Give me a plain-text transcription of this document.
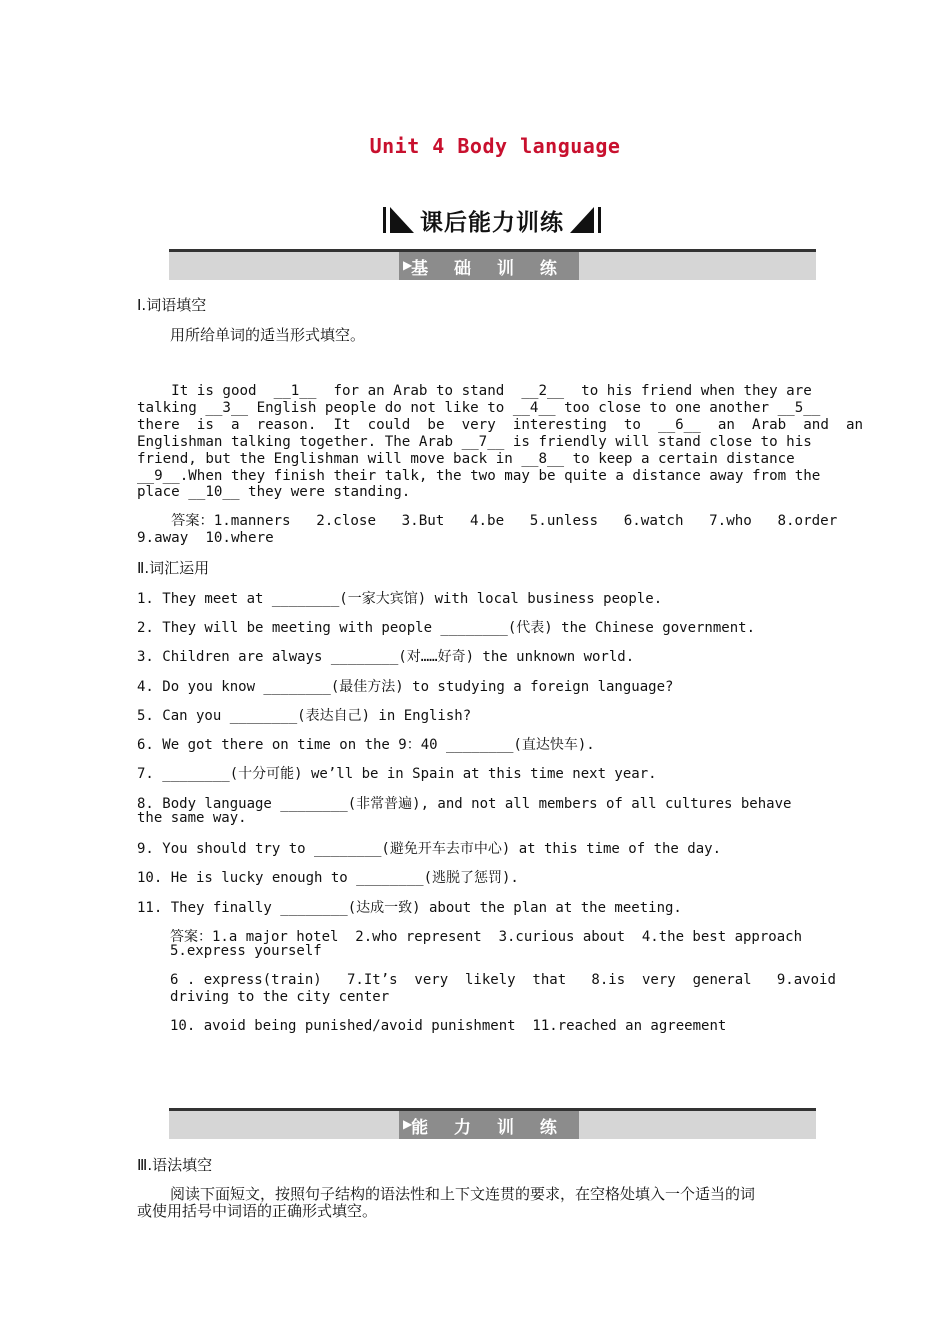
Unit 4 Body language
课后能力训练
▶
基 础 训 练
Ⅰ.词语填空
用所给单词的适当形式填空。
It is good  __1__  for an Arab to stand  __2__  to his friend when they are
talking __3__ English people do not like to __4__ too close to one another __5__
there  is  a  reason.  It  could  be  very  interesting  to  __6__  an  Arab  and  an
Englishman talking together. The Arab __7__ is friendly will stand close to his
friend, but the Englishman will move back in __8__ to keep a certain distance
__9__.When they finish their talk, the two may be quite a distance away from the
place __10__ they were standing.
答案：1.manners   2.close   3.But   4.be   5.unless   6.watch   7.who   8.order
9.away  10.where
Ⅱ.词汇运用
1. They meet at ________(一家大宾馆) with local business people.
2. They will be meeting with people ________(代表) the Chinese government.
3. Children are always ________(对……好奇) the unknown world.
4. Do you know ________(最佳方法) to studying a foreign language?
5. Can you ________(表达自己) in English?
6. We got there on time on the 9：40 ________(直达快车).
7. ________(十分可能) we’ll be in Spain at this time next year.
8. Body language ________(非常普遍), and not all members of all cultures behave
the same way.
9. You should try to ________(避免开车去市中心) at this time of the day.
10. He is lucky enough to ________(逃脱了惩罚).
11. They finally ________(达成一致) about the plan at the meeting.
答案：1.a major hotel  2.who represent  3.curious about  4.the best approach
5.express yourself
6 . express(train)   7.It’s  very  likely  that   8.is  very  general   9.avoid
driving to the city center
10. avoid being punished/avoid punishment  11.reached an agreement
▶
能 力 训 练
Ⅲ.语法填空
阅读下面短文，按照句子结构的语法性和上下文连贯的要求，在空格处填入一个适当的词
或使用括号中词语的正确形式填空。
